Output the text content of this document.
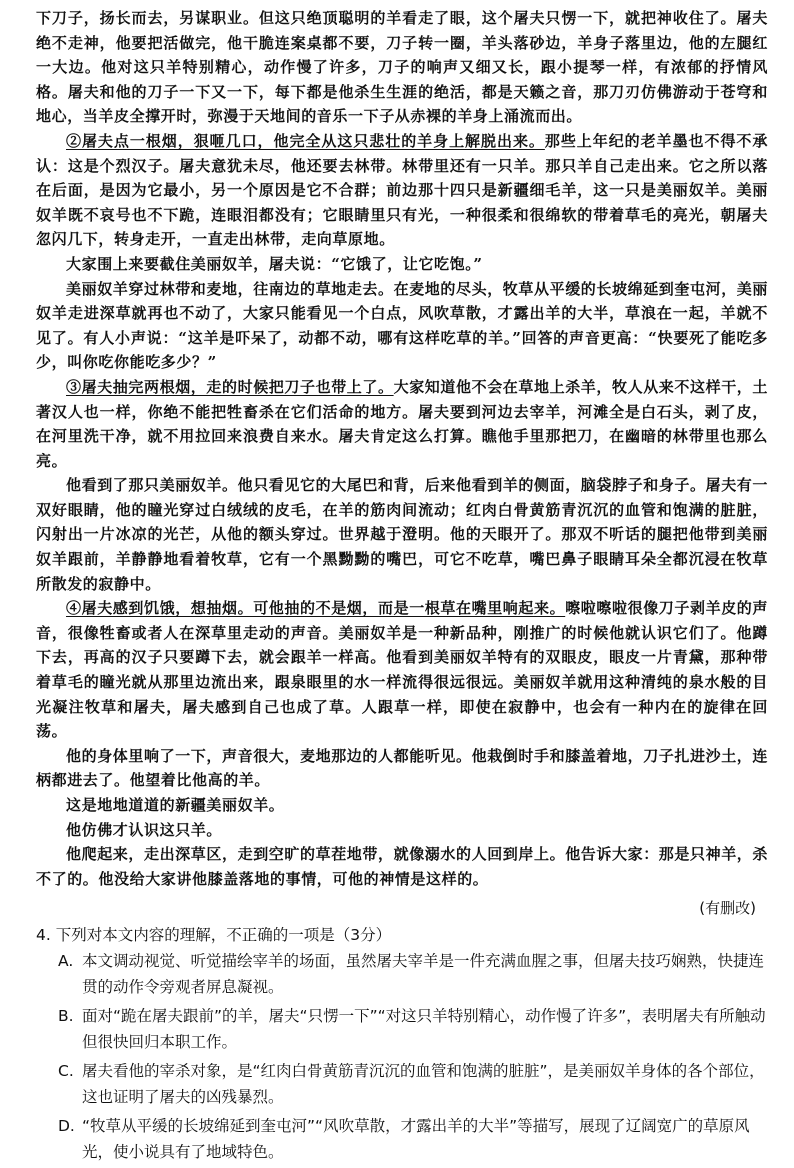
下刀子，扬长而去，另谋职业。但这只绝顶聪明的羊看走了眼，这个屠夫只愣一下，就把神收住了。屠夫绝不走神，他要把活做完，他干脆连案桌都不要，刀子转一圈，羊头落砂边，羊身子落里边，他的左腿红一大边。他对这只羊特别精心，动作慢了许多，刀子的响声又细又长，跟小提琴一样，有浓郁的抒情风格。屠夫和他的刀子一下又一下，每下都是他杀生生涯的绝活，都是天籁之音，那刀刃仿佛游动于苍穹和地心，当羊皮全撑开时，弥漫于天地间的音乐一下子从赤裸的羊身上涌流而出。

②屠夫点一根烟，狠咂几口，他完全从这只悲壮的羊身上解脱出来。那些上年纪的老羊墨也不得不承认：这是个烈汉子。屠夫意犹未尽，他还要去林带。林带里还有一只羊。那只羊自己走出来。它之所以落在后面，是因为它最小，另一个原因是它不合群；前边那十四只是新疆细毛羊，这一只是美丽奴羊。美丽奴羊既不哀号也不下跪，连眼泪都没有；它眼睛里只有光，一种很柔和很绵软的带着草毛的亮光，朝屠夫忽闪几下，转身走开，一直走出林带，走向草原地。

大家围上来要截住美丽奴羊，屠夫说：“它饿了，让它吃饱。”

美丽奴羊穿过林带和麦地，往南边的草地走去。在麦地的尽头，牧草从平缓的长坡绵延到奎屯河，美丽奴羊走进深草就再也不动了，大家只能看见一个白点，风吹草散，才露出羊的大半，草浪在一起，羊就不见了。有人小声说：“这羊是吓呆了，动都不动，哪有这样吃草的羊。”回答的声音更高：“快要死了能吃多少，叫你吃你能吃多少？”

③屠夫抽完两根烟，走的时候把刀子也带上了。大家知道他不会在草地上杀羊，牧人从来不这样干，土著汉人也一样，你绝不能把牲畜杀在它们活命的地方。屠夫要到河边去宰羊，河滩全是白石头，剥了皮，在河里洗干净，就不用拉回来浪费自来水。屠夫肯定这么打算。瞧他手里那把刀，在幽暗的林带里也那么亮。

他看到了那只美丽奴羊。他只看见它的大尾巴和背，后来他看到羊的侧面，脑袋脖子和身子。屠夫有一双好眼睛，他的瞳光穿过白绒绒的皮毛，在羊的筋肉间流动；红肉白骨黄筋青沉沉的血管和饱满的脏脏，闪射出一片冰凉的光芒，从他的额头穿过。世界越于澄明。他的天眼开了。那双不听话的腿把他带到美丽奴羊跟前，羊静静地看着牧草，它有一个黑黝黝的嘴巴，可它不吃草，嘴巴鼻子眼睛耳朵全都沉浸在牧草所散发的寂静中。

④屠夫感到饥饿，想抽烟。可他抽的不是烟，而是一根草在嘴里响起来。嚓啦嚓啦很像刀子剥羊皮的声音，很像牲畜或者人在深草里走动的声音。美丽奴羊是一种新品种，刚推广的时候他就认识它们了。他蹲下去，再高的汉子只要蹲下去，就会跟羊一样高。他看到美丽奴羊特有的双眼皮，眼皮一片青黛，那种带着草毛的瞳光就从那里边流出来，跟泉眼里的水一样流得很远很远。美丽奴羊就用这种清纯的泉水般的目光凝注牧草和屠夫，屠夫感到自己也成了草。人跟草一样，即使在寂静中，也会有一种内在的旋律在回荡。

他的身体里响了一下，声音很大，麦地那边的人都能听见。他栽倒时手和膝盖着地，刀子扎进沙土，连柄都进去了。他望着比他高的羊。

这是地地道道的新疆美丽奴羊。

他仿佛才认识这只羊。

他爬起来，走出深草区，走到空旷的草茬地带，就像溺水的人回到岸上。他告诉大家：那是只神羊，杀不了的。他没给大家讲他膝盖落地的事情，可他的神情是这样的。

(有删改)

4. 下列对本文内容的理解，不正确的一项是（3分）

A. 本文调动视觉、听觉描绘宰羊的场面，虽然屠夫宰羊是一件充满血腥之事，但屠夫技巧娴熟，快捷连贯的动作令旁观者屏息凝视。

B. 面对“跪在屠夫跟前”的羊，屠夫“只愣一下”“对这只羊特别精心，动作慢了许多”，表明屠夫有所触动但很快回归本职工作。

C. 屠夫看他的宰杀对象，是“红肉白骨黄筋青沉沉的血管和饱满的脏脏”，是美丽奴羊身体的各个部位，这也证明了屠夫的凶残暴烈。

D. “牧草从平缓的长坡绵延到奎屯河”“风吹草散，才露出羊的大半”等描写，展现了辽阔宽广的草原风光，使小说具有了地域特色。
